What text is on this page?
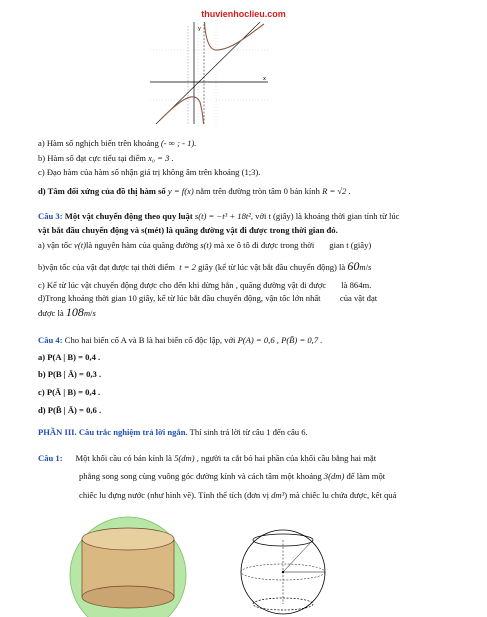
thuvienhoclieu.com
y
x
a) Hàm số nghịch biến trên khoảng (- ∞ ; - 1).
b) Hàm số đạt cực tiểu tại điểm x₀ = 3 .
c) Đạo hàm của hàm số nhận giá trị không âm trên khoảng (1;3).
d) Tâm đối xứng của đồ thị hàm số y = f(x) nằm trên đường tròn tâm 0 bán kính R = √2 .
Câu 3: Một vật chuyển động theo quy luật s(t) = −t³ + 18t², với t (giây) là khoảng thời gian tính từ lúc
vật bắt đầu chuyển động và s(mét) là quãng đường vật đi được trong thời gian đó.
a) vận tốc v(t)là nguyên hàm của quãng đường s(t) mà xe ô tô đi được trong thời gian t (giây)
b)vận tốc của vật đạt được tại thời điểm t = 2 giây (kể từ lúc vật bắt đầu chuyển động) là 60m/s
c) Kể từ lúc vật chuyển động được cho đến khi dừng hẳn , quãng đường vật đi được là 864m.
d)Trong khoảng thời gian 10 giây, kể từ lúc bắt đầu chuyển động, vận tốc lớn nhất của vật đạt
được là 108m/s
Câu 4: Cho hai biến cố A và B là hai biến cố độc lập, với P(A) = 0,6 , P(B̄) = 0,7 .
a) P(A | B) = 0,4 .
b) P(B | Ā) = 0,3 .
c) P(Ā | B) = 0,4 .
d) P(B̄ | Ā) = 0,6 .
PHẦN III. Câu trắc nghiệm trả lời ngắn. Thí sinh trả lời từ câu 1 đến câu 6.
Câu 1: Một khối cầu có bán kính là 5(dm) , người ta cắt bỏ hai phần của khối cầu bằng hai mặt
phẳng song song cùng vuông góc đường kính và cách tâm một khoảng 3(dm) để làm một
chiếc lu đựng nước (như hình vẽ). Tính thể tích (đơn vị dm³) mà chiếc lu chứa được, kết quả
